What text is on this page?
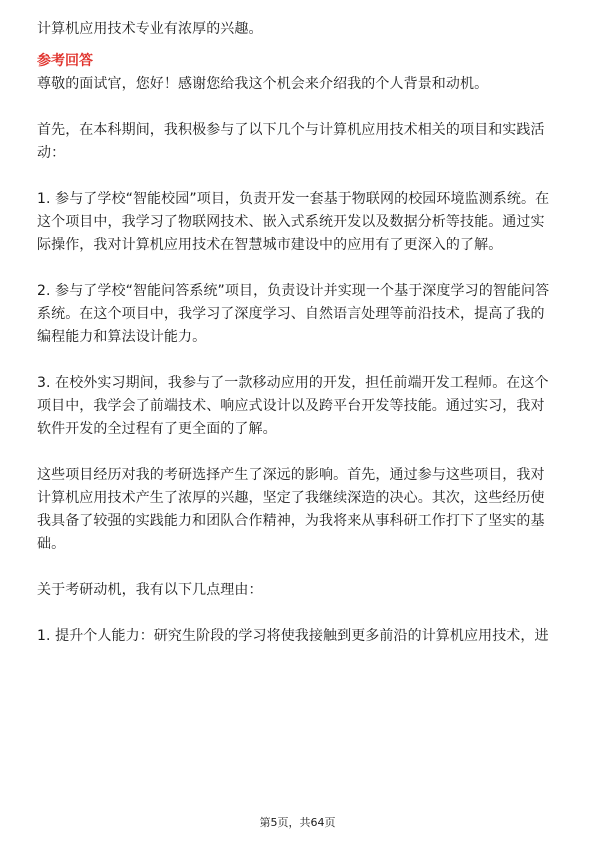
计算机应用技术专业有浓厚的兴趣。
参考回答
尊敬的面试官，您好！感谢您给我这个机会来介绍我的个人背景和动机。
首先，在本科期间，我积极参与了以下几个与计算机应用技术相关的项目和实践活
动：
1. 参与了学校“智能校园”项目，负责开发一套基于物联网的校园环境监测系统。在
这个项目中，我学习了物联网技术、嵌入式系统开发以及数据分析等技能。通过实
际操作，我对计算机应用技术在智慧城市建设中的应用有了更深入的了解。
2. 参与了学校“智能问答系统”项目，负责设计并实现一个基于深度学习的智能问答
系统。在这个项目中，我学习了深度学习、自然语言处理等前沿技术，提高了我的
编程能力和算法设计能力。
3. 在校外实习期间，我参与了一款移动应用的开发，担任前端开发工程师。在这个
项目中，我学会了前端技术、响应式设计以及跨平台开发等技能。通过实习，我对
软件开发的全过程有了更全面的了解。
这些项目经历对我的考研选择产生了深远的影响。首先，通过参与这些项目，我对
计算机应用技术产生了浓厚的兴趣，坚定了我继续深造的决心。其次，这些经历使
我具备了较强的实践能力和团队合作精神，为我将来从事科研工作打下了坚实的基
础。
关于考研动机，我有以下几点理由：
1. 提升个人能力：研究生阶段的学习将使我接触到更多前沿的计算机应用技术，进
第5页，共64页
